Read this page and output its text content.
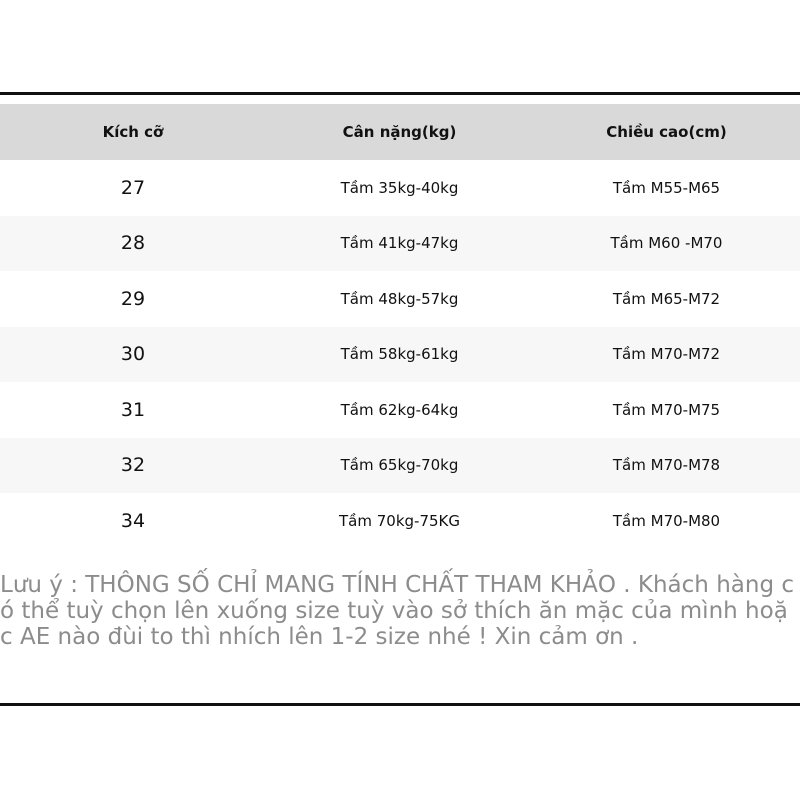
Kích cỡ	Cân nặng(kg)	Chiều cao(cm)
27	Tầm 35kg-40kg	Tầm M55-M65
28	Tầm 41kg-47kg	Tầm M60 -M70
29	Tầm 48kg-57kg	Tầm M65-M72
30	Tầm 58kg-61kg	Tầm M70-M72
31	Tầm 62kg-64kg	Tầm M70-M75
32	Tầm 65kg-70kg	Tầm M70-M78
34	Tầm 70kg-75KG	Tầm M70-M80

Lưu ý : THÔNG SỐ CHỈ MANG TÍNH CHẤT THAM KHẢO . Khách hàng có thể tuỳ chọn lên xuống size tuỳ vào sở thích ăn mặc của mình hoặc AE nào đùi to thì nhích lên 1-2 size nhé ! Xin cảm ơn .
